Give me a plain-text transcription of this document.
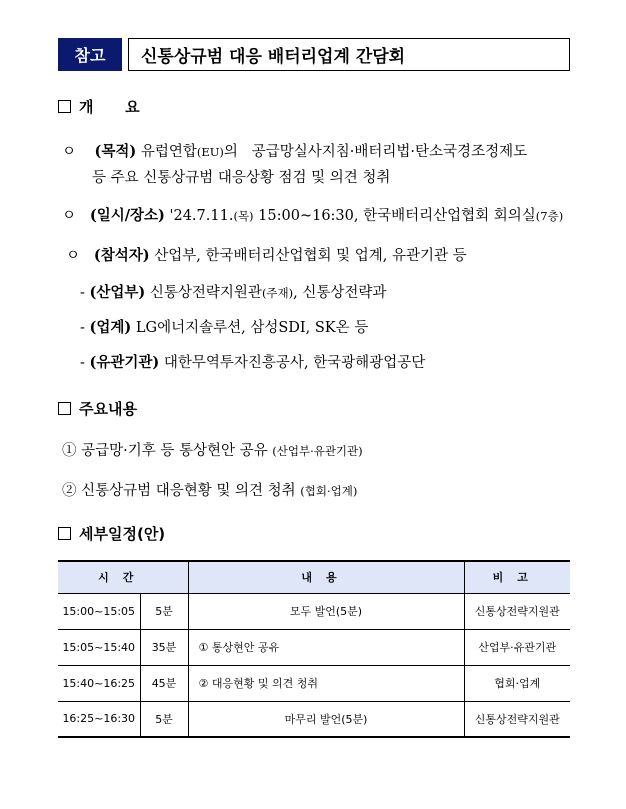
참고	신통상규범 대응 배터리업계 간담회
개   요
ㅇ (목적) 유럽연합(EU)의   공급망실사지침·배터리법·탄소국경조정제도
등 주요 신통상규범 대응상황 점검 및 의견 청취
ㅇ (일시/장소) '24.7.11.(목) 15:00~16:30, 한국배터리산업협회 회의실(7층)
ㅇ (참석자) 산업부, 한국배터리산업협회 및 업계, 유관기관 등
- (산업부) 신통상전략지원관(주재), 신통상전략과
- (업계) LG에너지솔루션, 삼성SDI, SK온 등
- (유관기관) 대한무역투자진흥공사, 한국광해광업공단
주요내용
① 공급망·기후 등 통상현안 공유 (산업부·유관기관)
② 신통상규범 대응현황 및 의견 청취 (협회·업계)
세부일정(안)
시간		내용	비고
15:00~15:05	5분	모두 발언(5분)	신통상전략지원관
15:05~15:40	35분	① 통상현안 공유	산업부·유관기관
15:40~16:25	45분	② 대응현황 및 의견 청취	협회·업계
16:25~16:30	5분	마무리 발언(5분)	신통상전략지원관
